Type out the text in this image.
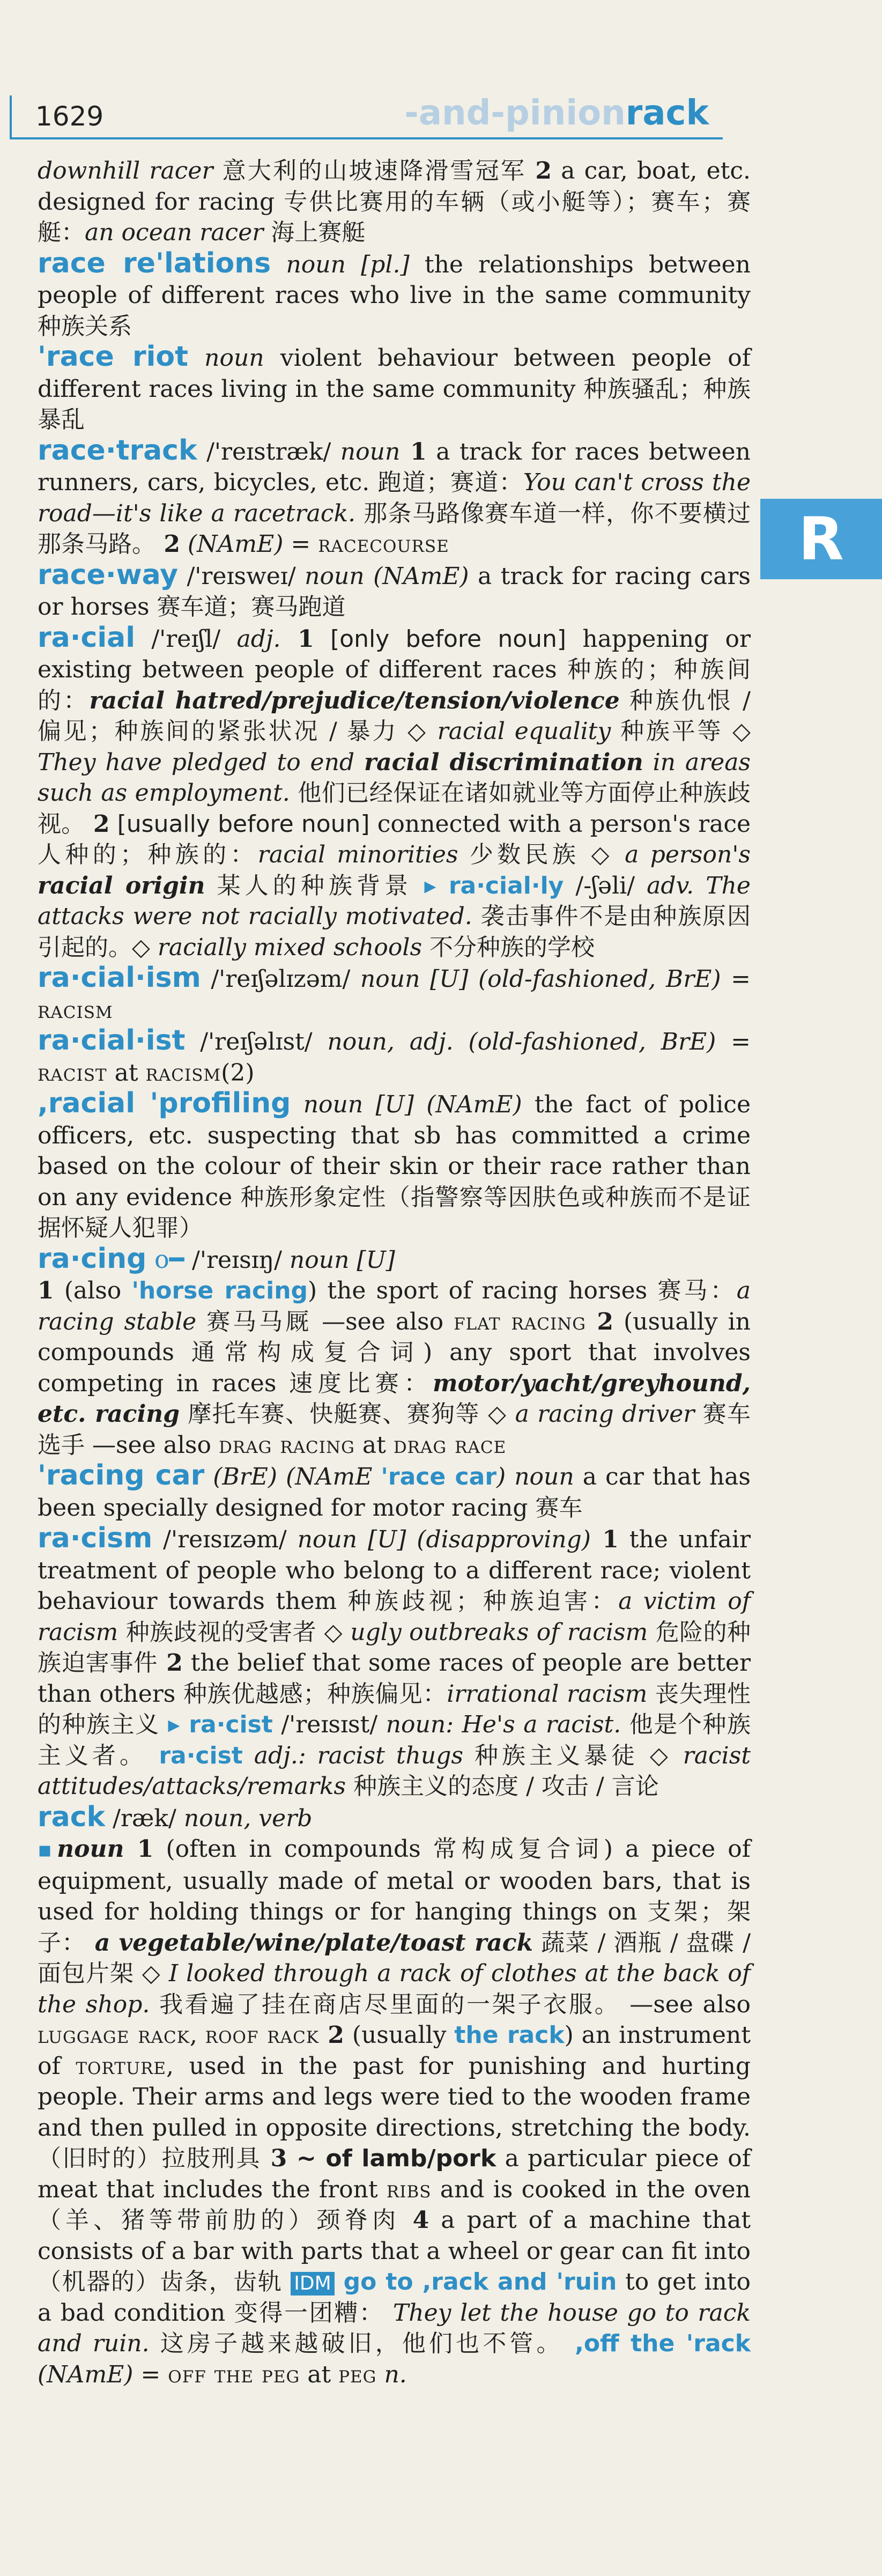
1629	-and-pinionrack
R

downhill racer 意大利的山坡速降滑雪冠军 2 a car, boat, etc. designed for racing 专供比赛用的车辆（或小艇等）；赛车；赛艇：an ocean racer 海上赛艇

race re'lations noun [pl.] the relationships between people of different races who live in the same community 种族关系

'race riot noun violent behaviour between people of different races living in the same community 种族骚乱；种族暴乱

race·track /'reɪstræk/ noun 1 a track for races between runners, cars, bicycles, etc. 跑道；赛道：You can't cross the road—it's like a racetrack. 那条马路像赛车道一样，你不要横过那条马路。 2 (NAmE) = racecourse

race·way /'reɪsweɪ/ noun (NAmE) a track for racing cars or horses 赛车道；赛马跑道

ra·cial /'reɪʃl/ adj. 1 [only before noun] happening or existing between people of different races 种族的；种族间的：racial hatred/prejudice/tension/violence 种族仇恨 / 偏见；种族间的紧张状况 / 暴力 ◇ racial equality 种族平等 ◇ They have pledged to end racial discrimination in areas such as employment. 他们已经保证在诸如就业等方面停止种族歧视。 2 [usually before noun] connected with a person's race 人种的；种族的：racial minorities 少数民族 ◇ a person's racial origin 某人的种族背景 ▸ ra·cial·ly /-ʃəli/ adv. The attacks were not racially motivated. 袭击事件不是由种族原因引起的。◇ racially mixed schools 不分种族的学校

ra·cial·ism /'reɪʃəlɪzəm/ noun [U] (old-fashioned, BrE) = racism

ra·cial·ist /'reɪʃəlɪst/ noun, adj. (old-fashioned, BrE) = racist at racism(2)

,racial 'profiling noun [U] (NAmE) the fact of police officers, etc. suspecting that sb has committed a crime based on the colour of their skin or their race rather than on any evidence 种族形象定性（指警察等因肤色或种族而不是证据怀疑人犯罪）

ra·cing o━ /'reɪsɪŋ/ noun [U]
1 (also 'horse racing) the sport of racing horses 赛马：a racing stable 赛马马厩 —see also flat racing 2 (usually in compounds 通常构成复合词) any sport that involves competing in races 速度比赛：motor/yacht/greyhound, etc. racing 摩托车赛、快艇赛、赛狗等 ◇ a racing driver 赛车选手 —see also drag racing at drag race

'racing car (BrE) (NAmE 'race car) noun a car that has been specially designed for motor racing 赛车

ra·cism /'reɪsɪzəm/ noun [U] (disapproving) 1 the unfair treatment of people who belong to a different race; violent behaviour towards them 种族歧视；种族迫害：a victim of racism 种族歧视的受害者 ◇ ugly outbreaks of racism 危险的种族迫害事件 2 the belief that some races of people are better than others 种族优越感；种族偏见：irrational racism 丧失理性的种族主义 ▸ ra·cist /'reɪsɪst/ noun: He's a racist. 他是个种族主义者。 ra·cist adj.: racist thugs 种族主义暴徒 ◇ racist attitudes/attacks/remarks 种族主义的态度 / 攻击 / 言论

rack /ræk/ noun, verb

▪noun 1 (often in compounds 常构成复合词) a piece of equipment, usually made of metal or wooden bars, that is used for holding things or for hanging things on 支架；架子： a vegetable/wine/plate/toast rack 蔬菜 / 酒瓶 / 盘碟 / 面包片架 ◇ I looked through a rack of clothes at the back of the shop. 我看遍了挂在商店尽里面的一架子衣服。 —see also luggage rack, roof rack 2 (usually the rack) an instrument of torture, used in the past for punishing and hurting people. Their arms and legs were tied to the wooden frame and then pulled in opposite directions, stretching the body. （旧时的）拉肢刑具 3 ~ of lamb/pork a particular piece of meat that includes the front ribs and is cooked in the oven（羊、猪等带前肋的）颈脊肉 4 a part of a machine that consists of a bar with parts that a wheel or gear can fit into（机器的）齿条，齿轨 IDM go to ,rack and 'ruin to get into a bad condition 变得一团糟： They let the house go to rack and ruin. 这房子越来越破旧，他们也不管。 ,off the 'rack (NAmE) = off the peg at peg n.
